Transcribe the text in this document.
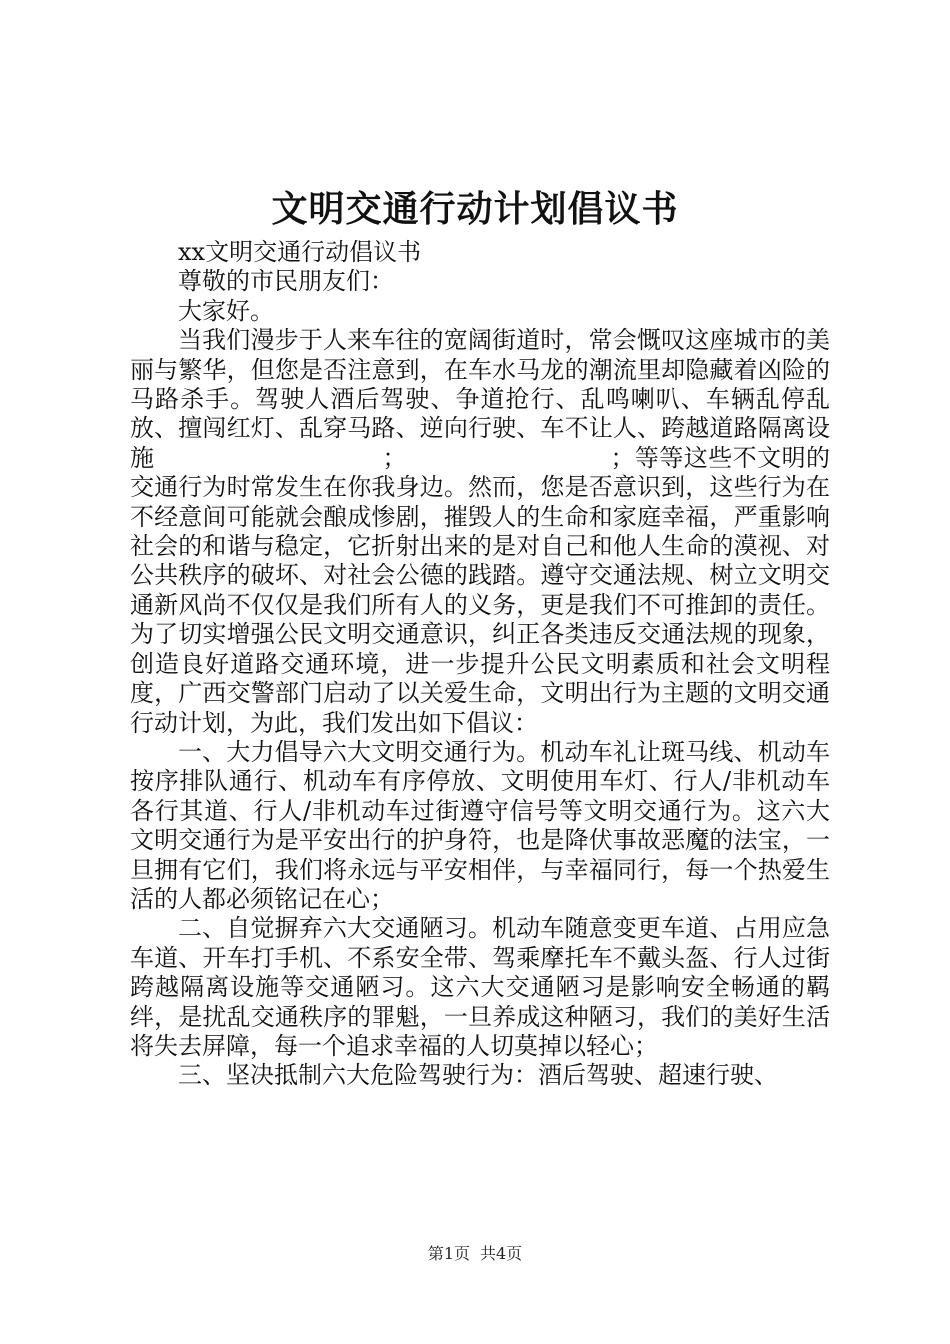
文明交通行动计划倡议书

xx文明交通行动倡议书

尊敬的市民朋友们：

大家好。

当我们漫步于人来车往的宽阔街道时，常会慨叹这座城市的美丽与繁华，但您是否注意到，在车水马龙的潮流里却隐藏着凶险的马路杀手。驾驶人酒后驾驶、争道抢行、乱鸣喇叭、车辆乱停乱放、擅闯红灯、乱穿马路、逆向行驶、车不让人、跨越道路隔离设施	；	；等等这些不文明的交通行为时常发生在你我身边。然而，您是否意识到，这些行为在不经意间可能就会酿成惨剧，摧毁人的生命和家庭幸福，严重影响社会的和谐与稳定，它折射出来的是对自己和他人生命的漠视、对公共秩序的破坏、对社会公德的践踏。遵守交通法规、树立文明交通新风尚不仅仅是我们所有人的义务，更是我们不可推卸的责任。为了切实增强公民文明交通意识，纠正各类违反交通法规的现象，创造良好道路交通环境，进一步提升公民文明素质和社会文明程度，广西交警部门启动了以关爱生命，文明出行为主题的文明交通行动计划，为此，我们发出如下倡议：

一、大力倡导六大文明交通行为。机动车礼让斑马线、机动车按序排队通行、机动车有序停放、文明使用车灯、行人/非机动车各行其道、行人/非机动车过街遵守信号等文明交通行为。这六大文明交通行为是平安出行的护身符，也是降伏事故恶魔的法宝，一旦拥有它们，我们将永远与平安相伴，与幸福同行，每一个热爱生活的人都必须铭记在心；

二、自觉摒弃六大交通陋习。机动车随意变更车道、占用应急车道、开车打手机、不系安全带、驾乘摩托车不戴头盔、行人过街跨越隔离设施等交通陋习。这六大交通陋习是影响安全畅通的羁绊，是扰乱交通秩序的罪魁，一旦养成这种陋习，我们的美好生活将失去屏障，每一个追求幸福的人切莫掉以轻心；

三、坚决抵制六大危险驾驶行为：酒后驾驶、超速行驶、

第1页 共4页
